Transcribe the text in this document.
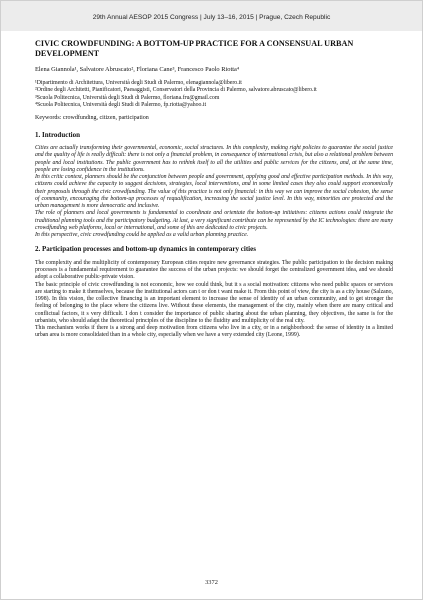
29th Annual AESOP 2015 Congress | July 13–16, 2015 | Prague, Czech Republic
CIVIC CROWDFUNDING: A BOTTOM-UP PRACTICE FOR A CONSENSUAL URBAN DEVELOPMENT

Elena Giannola¹, Salvatore Abruscato², Floriana Cane³, Francesco Paolo Riotta⁴

¹Dipartimento di Architettura, Università degli Studi di Palermo, elenagiannola@libero.it

²Ordine degli Architetti, Pianificatori, Paesaggisti, Conservatori della Provincia di Palermo, salvatore.abruscato@libero.it

³Scuola Politecnica, Università degli Studi di Palermo, floriana.fru@gmail.com

⁴Scuola Politecnica, Università degli Studi di Palermo, fp.riotta@yahoo.it

Keywords: crowdfunding, citizen, participation

1. Introduction

Cities are actually transforming their governmental, economic, social structures. In this complexity, making right policies to guarantee the social justice and the quality of life is really difficult: there is not only a financial problem, in consequence of international crisis, but also a relational problem between people and local institutions. The public government has to rethink itself to all the utilities and public services for the citizens, and, at the same time, people are losing confidence in the institutions.

In this critic context, planners should be the conjunction between people and government, applying good and effective participation methods. In this way, citizens could achieve the capacity to suggest decisions, strategies, local interventions, and in some limited cases they also could support economically their proposals through the civic crowdfunding. The value of this practice is not only financial: in this way we can improve the social cohesion, the sense of community, encouraging the bottom-up processes of requalification, increasing the social justice level. In this way, minorities are protected and the urban management is more democratic and inclusive.

The role of planners and local governments is fundamental to coordinate and orientate the bottom-up initiatives: citizens actions could integrate the traditional planning tools and the participatory budgeting. At last, a very significant contribute can be represented by the IC technologies: there are many crowdfunding web platforms, local or international, and some of this are dedicated to civic projects.

In this perspective, civic crowdfunding could be applied as a valid urban planning practice.

2. Participation processes and bottom-up dynamics in contemporary cities

The complexity and the multiplicity of contemporary European cities require new governance strategies. The public participation to the decision making processes is a fundamental requirement to guarantee the success of the urban projects: we should forget the centralized government idea, and we should adopt a collaborative public-private vision.

The basic principle of civic crowdfunding is not economic, how we could think, but it s a social motivation: citizens who need public spaces or services are starting to make it themselves, because the institutional actors can t or don t want make it. From this point of view, the city is as a city house (Salzano, 1998). In this vision, the collective financing is an important element to increase the sense of identity of an urban community, and to get stronger the feeling of belonging to the place where the citizens live. Without these elements, the management of the city, mainly when there are many critical and conflictual factors, it s very difficult. I don t consider the importance of public sharing about the urban planning, they objectives, the same is for the urbanists, who should adapt the theoretical principles of the discipline to the fluidity and multiplicity of the real city.

This mechanism works if there is a strong and deep motivation from citizens who live in a city, or in a neighborhood: the sense of identity in a limited urban area is more consolidated than in a whole city, especially when we have a very extended city (Leone, 1999).

3372
